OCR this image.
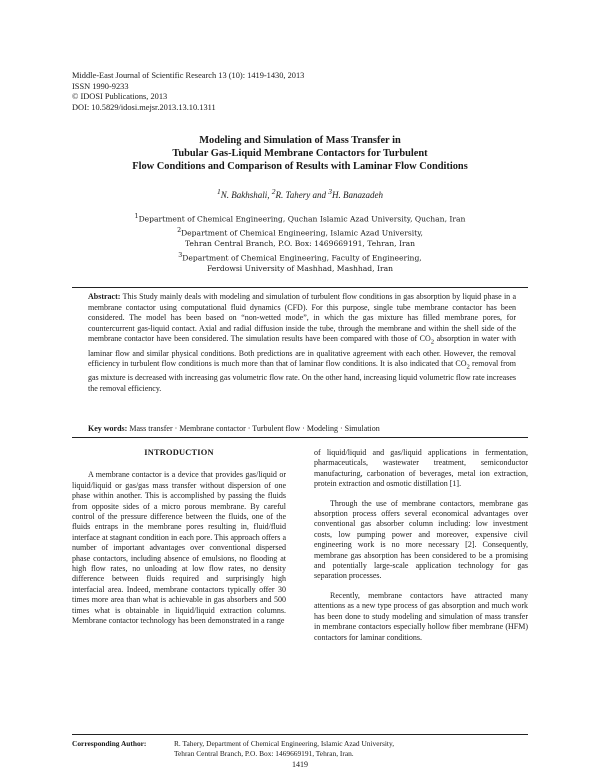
Middle-East Journal of Scientific Research 13 (10): 1419-1430, 2013
ISSN 1990-9233
© IDOSI Publications, 2013
DOI: 10.5829/idosi.mejsr.2013.13.10.1311
Modeling and Simulation of Mass Transfer in
Tubular Gas-Liquid Membrane Contactors for Turbulent
Flow Conditions and Comparison of Results with Laminar Flow Conditions
$^1$N. Bakhshali, $^2$R. Tahery and $^3$H. Banazadeh
$^1$Department of Chemical Engineering, Quchan Islamic Azad University, Quchan, Iran
$^2$Department of Chemical Engineering, Islamic Azad University,
Tehran Central Branch, P.O. Box: 1469669191, Tehran, Iran
$^3$Department of Chemical Engineering, Faculty of Engineering,
Ferdowsi University of Mashhad, Mashhad, Iran
Abstract: This Study mainly deals with modeling and simulation of turbulent flow conditions in gas absorption by liquid phase in a membrane contactor using computational fluid dynamics (CFD). For this purpose, single tube membrane contactor has been considered. The model has been based on “non-wetted mode”, in which the gas mixture has filled membrane pores, for countercurrent gas-liquid contact. Axial and radial diffusion inside the tube, through the membrane and within the shell side of the membrane contactor have been considered. The simulation results have been compared with those of $CO_2$ absorption in water with laminar flow and similar physical conditions. Both predictions are in qualitative agreement with each other. However, the removal efficiency in turbulent flow conditions is much more than that of laminar flow conditions. It is also indicated that $CO_2$ removal from gas mixture is decreased with increasing gas volumetric flow rate. On the other hand, increasing liquid volumetric flow rate increases the removal efficiency.
Key words: Mass transfer · Membrane contactor · Turbulent flow · Modeling · Simulation
INTRODUCTION

A membrane contactor is a device that provides gas/liquid or liquid/liquid or gas/gas mass transfer without dispersion of one phase within another. This is accomplished by passing the fluids from opposite sides of a micro porous membrane. By careful control of the pressure difference between the fluids, one of the fluids entraps in the membrane pores resulting in, fluid/fluid interface at stagnant condition in each pore. This approach offers a number of important advantages over conventional dispersed phase contactors, including absence of emulsions, no flooding at high flow rates, no unloading at low flow rates, no density difference between fluids required and surprisingly high interfacial area. Indeed, membrane contactors typically offer 30 times more area than what is achievable in gas absorbers and 500 times what is obtainable in liquid/liquid extraction columns. Membrane contactor technology has been demonstrated in a range

of liquid/liquid and gas/liquid applications in fermentation, pharmaceuticals, wastewater treatment, semiconductor manufacturing, carbonation of beverages, metal ion extraction, protein extraction and osmotic distillation [1].

Through the use of membrane contactors, membrane gas absorption process offers several economical advantages over conventional gas absorber column including: low investment costs, low pumping power and moreover, expensive civil engineering work is no more necessary [2]. Consequently, membrane gas absorption has been considered to be a promising and potentially large-scale application technology for gas separation processes.

Recently, membrane contactors have attracted many attentions as a new type process of gas absorption and much work has been done to study modeling and simulation of mass transfer in membrane contactors especially hollow fiber membrane (HFM) contactors for laminar conditions.

Corresponding Author:	R. Tahery, Department of Chemical Engineering, Islamic Azad University,
Tehran Central Branch, P.O. Box: 1469669191, Tehran, Iran.
1419
